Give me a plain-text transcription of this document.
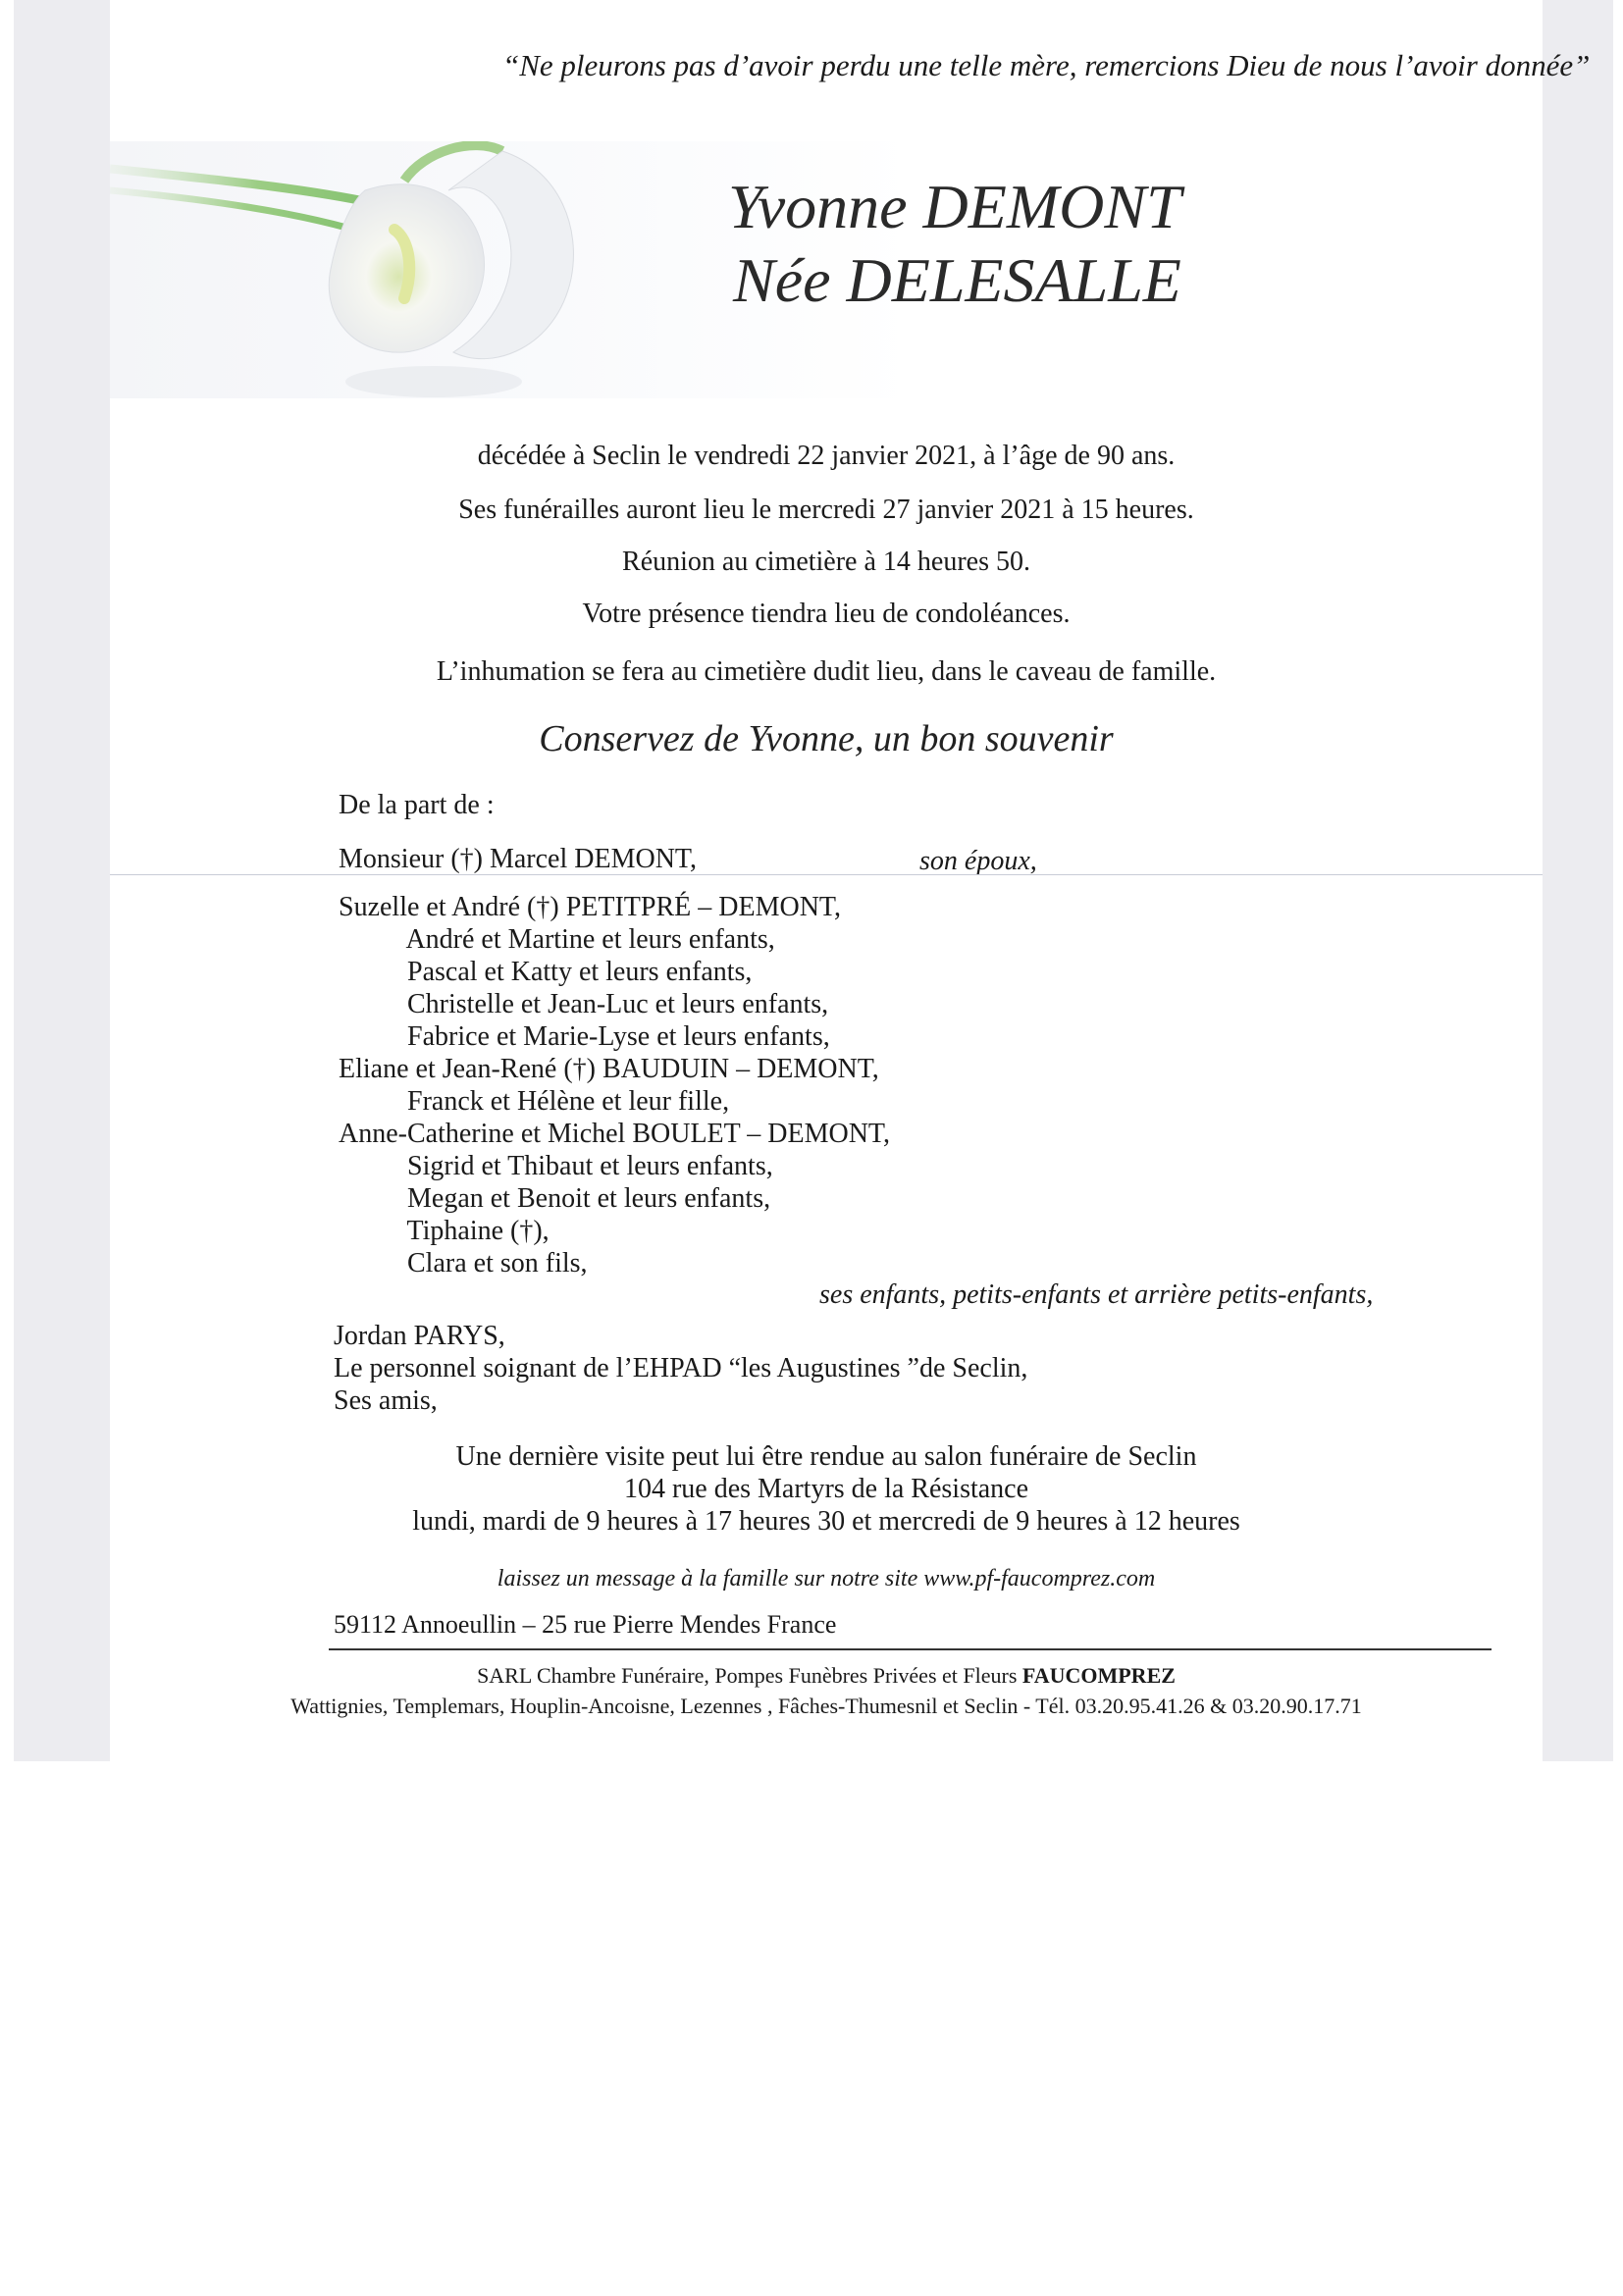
“Ne pleurons pas d’avoir perdu une telle mère, remercions Dieu de nous l’avoir donnée”
Yvonne DEMONT
Née DELESALLE
décédée à Seclin le vendredi 22 janvier 2021, à l’âge de 90 ans.
Ses funérailles auront lieu le mercredi 27 janvier 2021 à 15 heures.
Réunion au cimetière à 14 heures 50.
Votre présence tiendra lieu de condoléances.
L’inhumation se fera au cimetière dudit lieu, dans le caveau de famille.
Conservez de Yvonne, un bon souvenir
De la part de :
Monsieur (†) Marcel DEMONT,	son époux,
Suzelle et André (†) PETITPRÉ – DEMONT,
André et Martine et leurs enfants,
Pascal et Katty et leurs enfants,
Christelle et Jean-Luc et leurs enfants,
Fabrice et Marie-Lyse et leurs enfants,
Eliane et Jean-René (†) BAUDUIN – DEMONT,
Franck et Hélène et leur fille,
Anne-Catherine et Michel BOULET – DEMONT,
Sigrid et Thibaut et leurs enfants,
Megan et Benoit et leurs enfants,
Tiphaine (†),
Clara et son fils,
ses enfants, petits-enfants et arrière petits-enfants,
Jordan PARYS,
Le personnel soignant de l’EHPAD “les Augustines ”de Seclin,
Ses amis,
Une dernière visite peut lui être rendue au salon funéraire de Seclin
104 rue des Martyrs de la Résistance
lundi, mardi de 9 heures à 17 heures 30 et mercredi de 9 heures à 12 heures
laissez un message à la famille sur notre site www.pf-faucomprez.com
59112 Annoeullin – 25 rue Pierre Mendes France
SARL Chambre Funéraire, Pompes Funèbres Privées et Fleurs FAUCOMPREZ
Wattignies, Templemars, Houplin-Ancoisne, Lezennes , Fâches-Thumesnil et Seclin - Tél. 03.20.95.41.26 & 03.20.90.17.71
